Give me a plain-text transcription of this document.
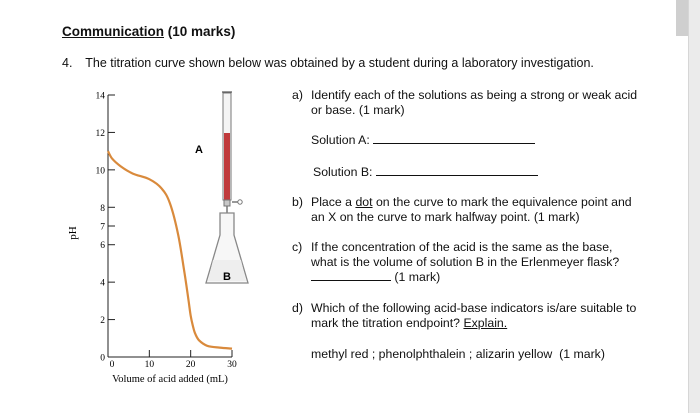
Communication (10 marks)
4. The titration curve shown below was obtained by a student during a laboratory investigation.
pH
14
12
10
8
7
6
4
2
0
0	10	20	30
Volume of acid added (mL)
A
B
a) Identify each of the solutions as being a strong or weak acid or base. (1 mark)
Solution A:
Solution B:
b) Place a dot on the curve to mark the equivalence point and an X on the curve to mark halfway point. (1 mark)
c) If the concentration of the acid is the same as the base, what is the volume of solution B in the Erlenmeyer flask?  (1 mark)
d) Which of the following acid-base indicators is/are suitable to mark the titration endpoint? Explain.
methyl red ; phenolphthalein ; alizarin yellow (1 mark)
